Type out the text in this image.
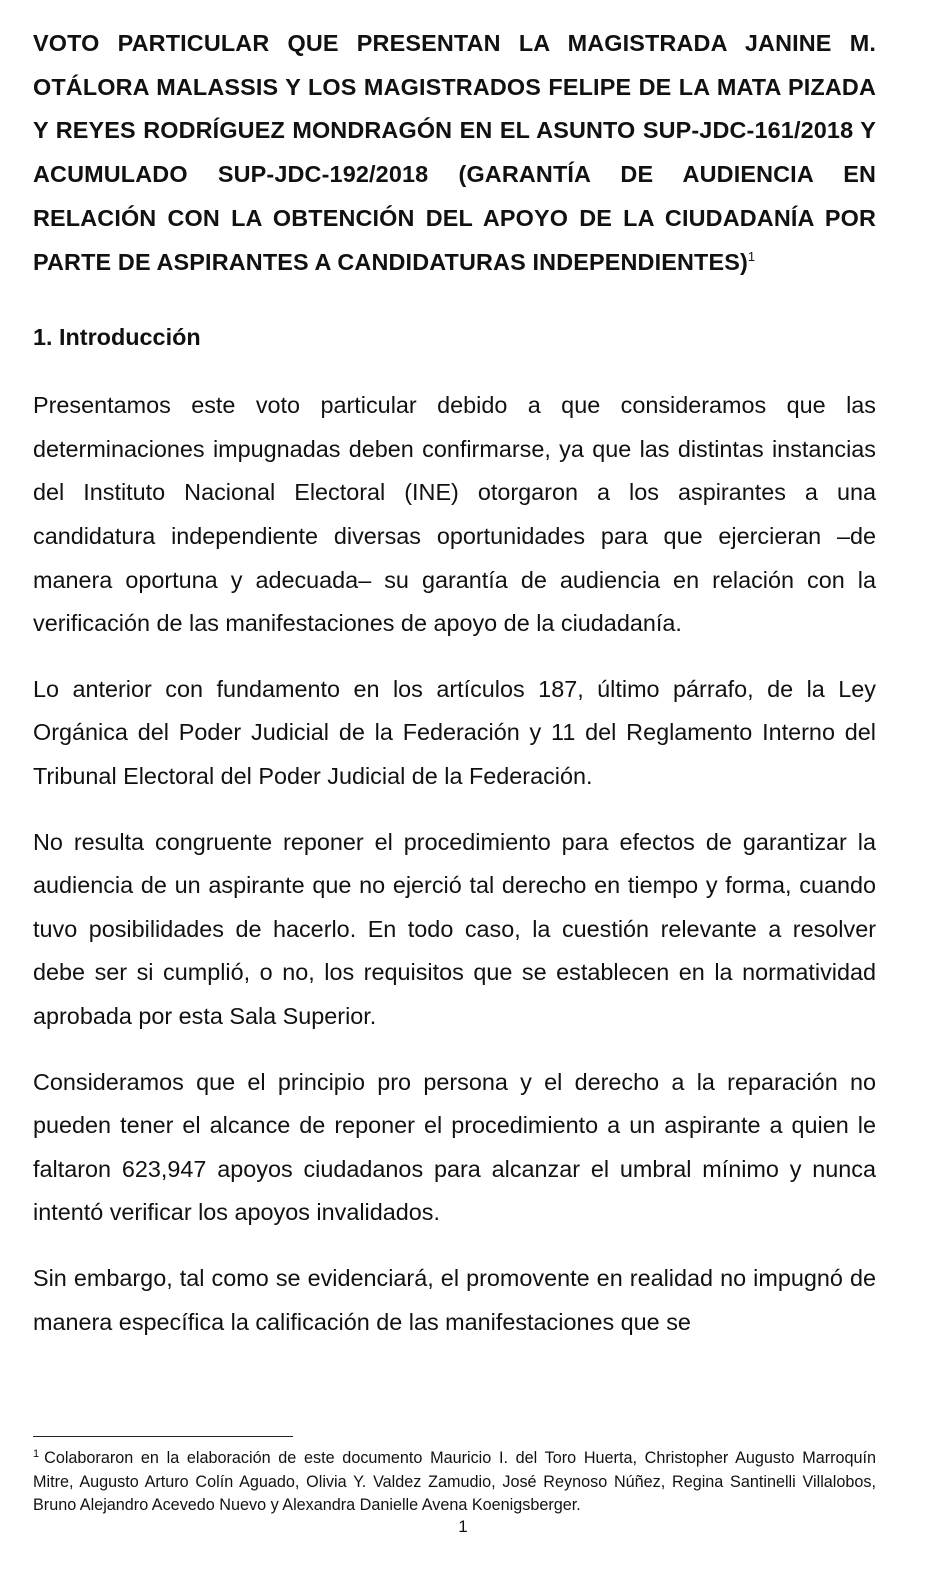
VOTO PARTICULAR QUE PRESENTAN LA MAGISTRADA JANINE M. OTÁLORA MALASSIS Y LOS MAGISTRADOS FELIPE DE LA MATA PIZADA Y REYES RODRÍGUEZ MONDRAGÓN EN EL ASUNTO SUP-JDC-161/2018 Y ACUMULADO SUP-JDC-192/2018 (GARANTÍA DE AUDIENCIA EN RELACIÓN CON LA OBTENCIÓN DEL APOYO DE LA CIUDADANÍA POR PARTE DE ASPIRANTES A CANDIDATURAS INDEPENDIENTES)$^1$

1. Introducción

Presentamos este voto particular debido a que consideramos que las determinaciones impugnadas deben confirmarse, ya que las distintas instancias del Instituto Nacional Electoral (INE) otorgaron a los aspirantes a una candidatura independiente diversas oportunidades para que ejercieran –de manera oportuna y adecuada– su garantía de audiencia en relación con la verificación de las manifestaciones de apoyo de la ciudadanía.

Lo anterior con fundamento en los artículos 187, último párrafo, de la Ley Orgánica del Poder Judicial de la Federación y 11 del Reglamento Interno del Tribunal Electoral del Poder Judicial de la Federación.

No resulta congruente reponer el procedimiento para efectos de garantizar la audiencia de un aspirante que no ejerció tal derecho en tiempo y forma, cuando tuvo posibilidades de hacerlo. En todo caso, la cuestión relevante a resolver debe ser si cumplió, o no, los requisitos que se establecen en la normatividad aprobada por esta Sala Superior.

Consideramos que el principio pro persona y el derecho a la reparación no pueden tener el alcance de reponer el procedimiento a un aspirante a quien le faltaron 623,947 apoyos ciudadanos para alcanzar el umbral mínimo y nunca intentó verificar los apoyos invalidados.

Sin embargo, tal como se evidenciará, el promovente en realidad no impugnó de manera específica la calificación de las manifestaciones que se

$^1$ Colaboraron en la elaboración de este documento Mauricio I. del Toro Huerta, Christopher Augusto Marroquín Mitre, Augusto Arturo Colín Aguado, Olivia Y. Valdez Zamudio, José Reynoso Núñez, Regina Santinelli Villalobos, Bruno Alejandro Acevedo Nuevo y Alexandra Danielle Avena Koenigsberger.

1
